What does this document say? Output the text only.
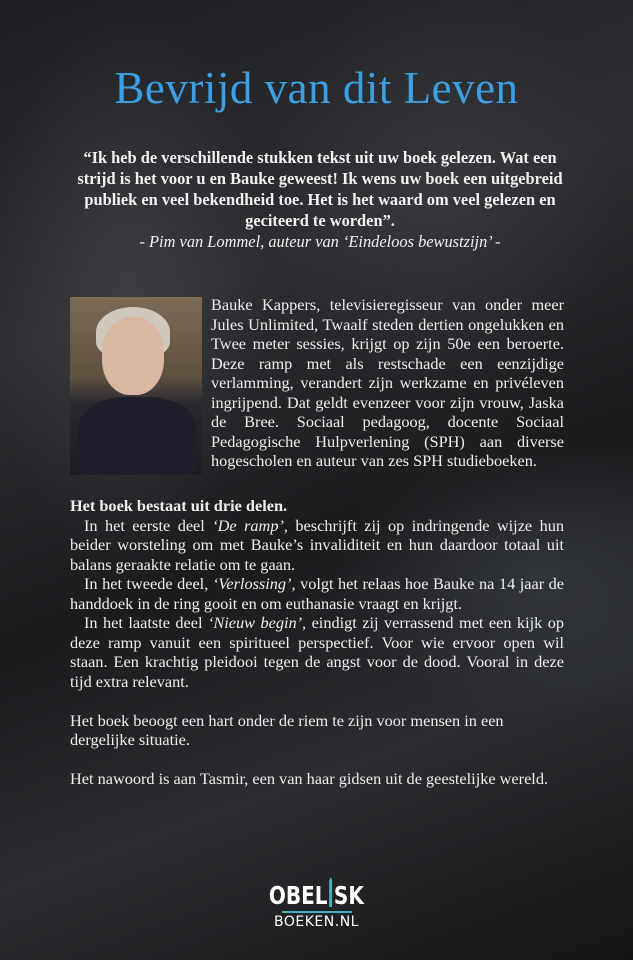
Bevrijd van dit Leven
“Ik heb de verschillende stukken tekst uit uw boek gelezen. Wat een strijd is het voor u en Bauke geweest! Ik wens uw boek een uitgebreid publiek en veel bekendheid toe. Het is het waard om veel gelezen en geciteerd te worden”.
- Pim van Lommel, auteur van ‘Eindeloos bewustzijn’ -
Bauke Kappers, televisieregisseur van onder meer Jules Unlimited, Twaalf steden dertien ongelukken en Twee meter sessies, krijgt op zijn 50e een beroerte. Deze ramp met als restschade een eenzijdige verlamming, verandert zijn werkzame en privéleven ingrijpend. Dat geldt evenzeer voor zijn vrouw, Jaska de Bree. Sociaal pedagoog, docente Sociaal Pedagogische Hulpverlening (SPH) aan diverse hogescholen en auteur van zes SPH studieboeken.

Het boek bestaat uit drie delen.

In het eerste deel ‘De ramp’, beschrijft zij op indringende wijze hun beider worsteling om met Bauke’s invaliditeit en hun daardoor totaal uit balans geraakte relatie om te gaan.

In het tweede deel, ‘Verlossing’, volgt het relaas hoe Bauke na 14 jaar de handdoek in de ring gooit en om euthanasie vraagt en krijgt.

In het laatste deel ‘Nieuw begin’, eindigt zij verrassend met een kijk op deze ramp vanuit een spiritueel perspectief. Voor wie ervoor open wil staan. Een krachtig pleidooi tegen de angst voor de dood. Vooral in deze tijd extra relevant.

Het boek beoogt een hart onder de riem te zijn voor mensen in een dergelijke situatie.

Het nawoord is aan Tasmir, een van haar gidsen uit de geestelijke wereld.

OBEL SK
BOEKEN.NL
